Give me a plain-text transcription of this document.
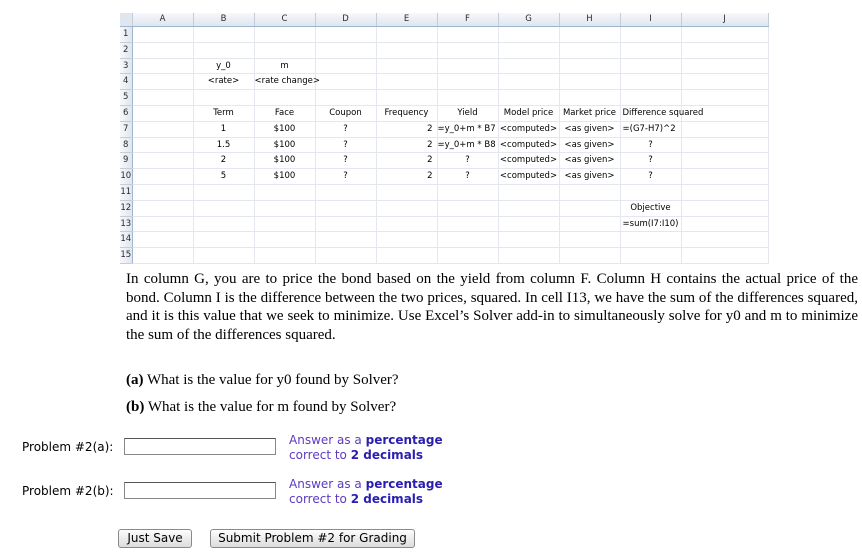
	A	B	C	D	E	F	G	H	I	J
1										
2										
3		y_0	m							
4		<rate>	<rate change>							
5										
6		Term	Face	Coupon	Frequency	Yield	Model price	Market price	Difference squared	
7		1	$100	?	2	=y_0+m * B7	<computed>	<as given>	=(G7-H7)^2	
8		1.5	$100	?	2	=y_0+m * B8	<computed>	<as given>	?	
9		2	$100	?	2	?	<computed>	<as given>	?	
10		5	$100	?	2	?	<computed>	<as given>	?	
11										
12									Objective	
13									=sum(I7:I10)	
14										
15										

In column G, you are to price the bond based on the yield from column F. Column H contains the actual price of the bond. Column I is the difference between the two prices, squared. In cell I13, we have the sum of the differences squared, and it is this value that we seek to minimize. Use Excel’s Solver add-in to simultaneously solve for y0 and m to minimize the sum of the differences squared.

(a) What is the value for y0 found by Solver?
(b) What is the value for m found by Solver?
Problem #2(a):	Answer as a percentage
correct to 2 decimals
Problem #2(b):	Answer as a percentage
correct to 2 decimals
Just Save	Submit Problem #2 for Grading
